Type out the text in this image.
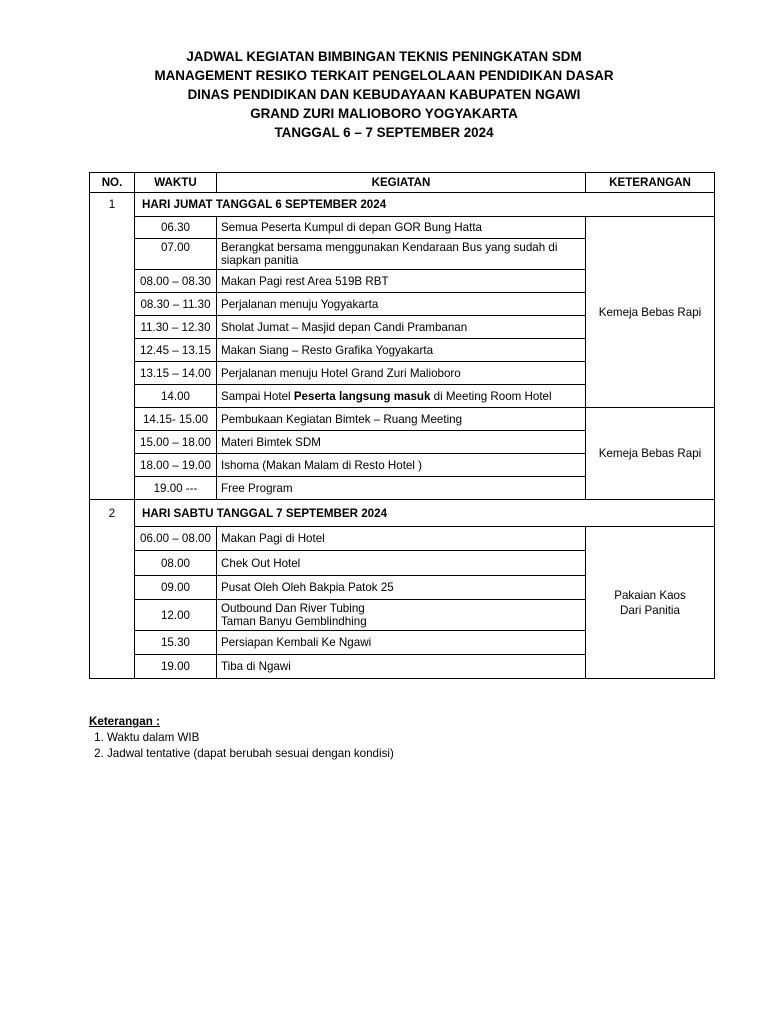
JADWAL KEGIATAN BIMBINGAN TEKNIS PENINGKATAN SDM
MANAGEMENT RESIKO TERKAIT PENGELOLAAN PENDIDIKAN DASAR
DINAS PENDIDIKAN DAN KEBUDAYAAN KABUPATEN NGAWI
GRAND ZURI MALIOBORO YOGYAKARTA
TANGGAL 6 – 7 SEPTEMBER 2024
NO.	WAKTU	KEGIATAN	KETERANGAN
1	HARI JUMAT TANGGAL 6 SEPTEMBER 2024		
	06.30	Semua Peserta Kumpul di depan GOR Bung Hatta	Kemeja Bebas Rapi
	07.00	Berangkat bersama menggunakan Kendaraan Bus yang sudah di siapkan panitia	
	08.00 – 08.30	Makan Pagi rest Area 519B RBT	
	08.30 – 11.30	Perjalanan menuju Yogyakarta	
	11.30 – 12.30	Sholat Jumat – Masjid depan Candi Prambanan	
	12.45 – 13.15	Makan Siang – Resto Grafika Yogyakarta	
	13.15 – 14.00	Perjalanan menuju Hotel Grand Zuri Malioboro	
	14.00	Sampai Hotel Peserta langsung masuk di Meeting Room Hotel	
	14.15- 15.00	Pembukaan Kegiatan Bimtek – Ruang Meeting	Kemeja Bebas Rapi
	15.00 – 18.00	Materi Bimtek SDM	
	18.00 – 19.00	Ishoma (Makan Malam di Resto Hotel )	
	19.00 ---	Free Program	
2	HARI SABTU TANGGAL 7 SEPTEMBER 2024		
	06.00 – 08.00	Makan Pagi di Hotel	Pakaian Kaos
Dari Panitia

	08.00	Chek Out Hotel	
	09.00	Pusat Oleh Oleh Bakpia Patok 25	
	12.00	Outbound Dan River Tubing
Taman Banyu Gemblindhing	

	15.30	Persiapan Kembali Ke Ngawi	
	19.00	Tiba di Ngawi	
Keterangan :
1. Waktu dalam WIB
2. Jadwal tentative (dapat berubah sesuai dengan kondisi)
